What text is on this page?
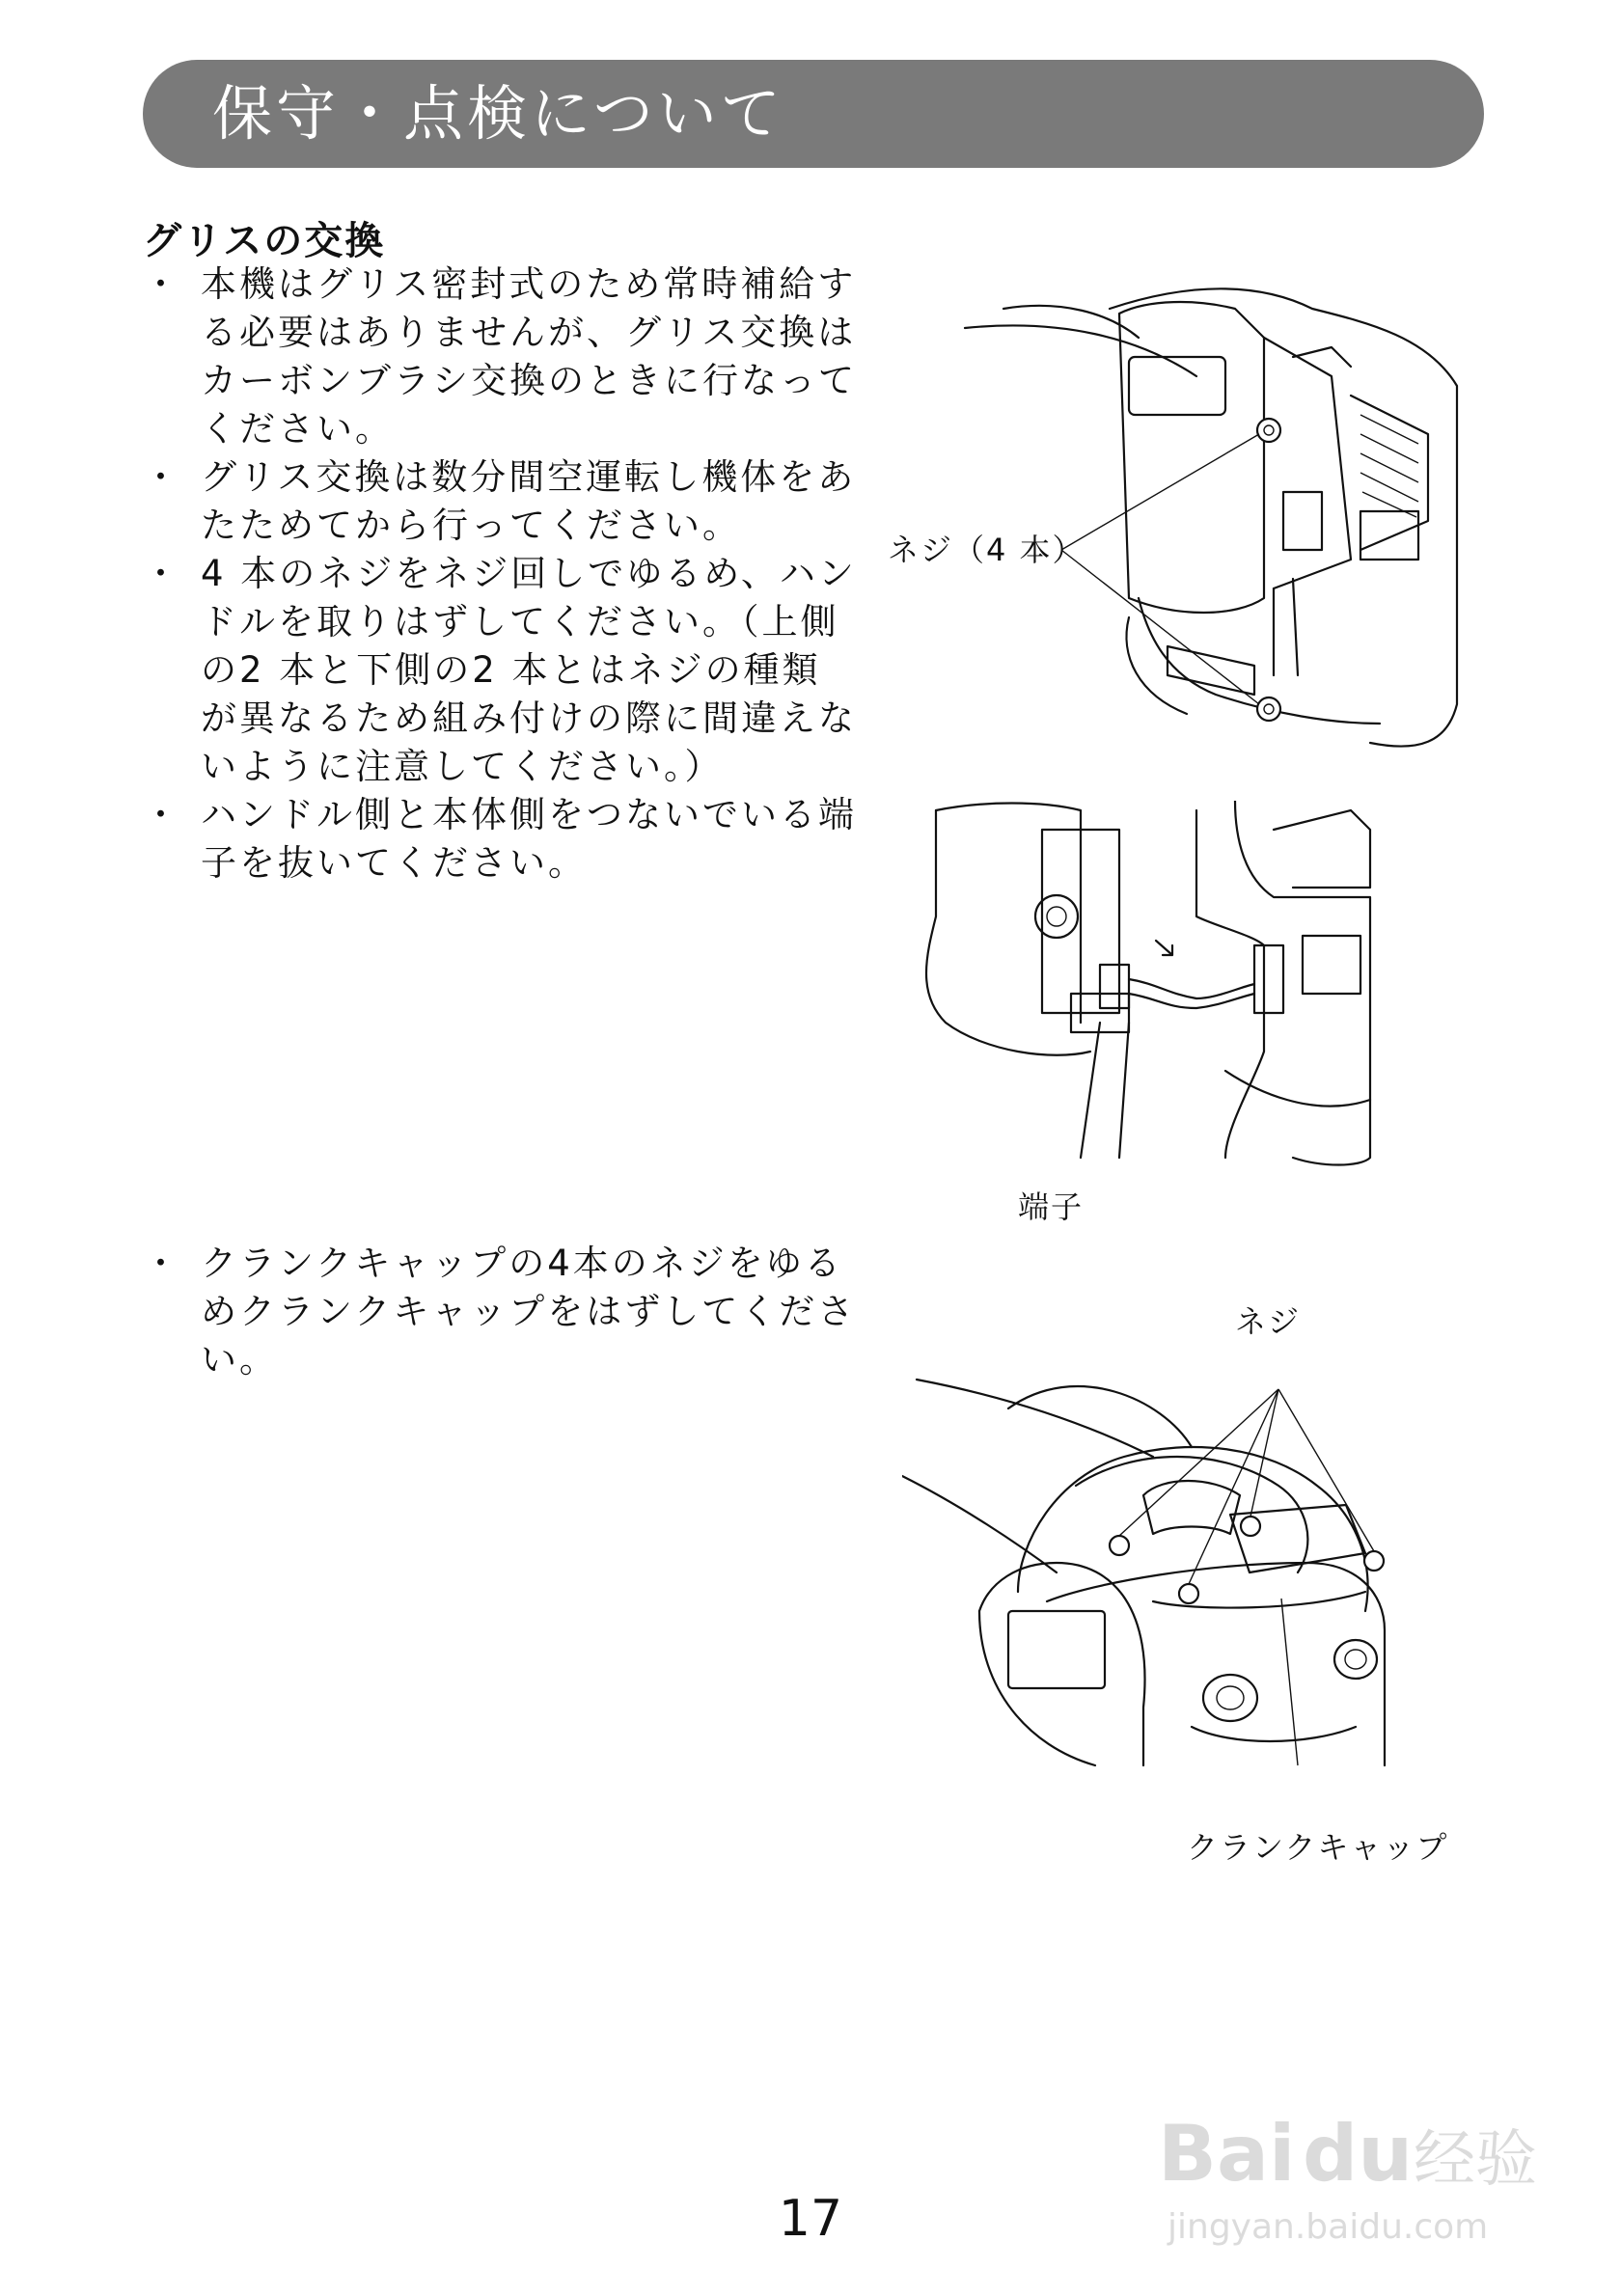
保守・点検について
グリスの交換
・ 本機はグリス密封式のため常時補給する必要はありませんが、グリス交換はカーボンブラシ交換のときに行なってください。
・ グリス交換は数分間空運転し機体をあたためてから行ってください。
・ 4 本のネジをネジ回しでゆるめ、ハンドルを取りはずしてください。（上側の2 本と下側の2 本とはネジの種類が異なるため組み付けの際に間違えないように注意してください。）
・ ハンドル側と本体側をつないでいる端子を抜いてください。
・ クランクキャップの4本のネジをゆるめクランクキャップをはずしてください。
ネジ（4 本）
端子
ネジ
クランクキャップ
Bai du 经验
jingyan.baidu.com
17
